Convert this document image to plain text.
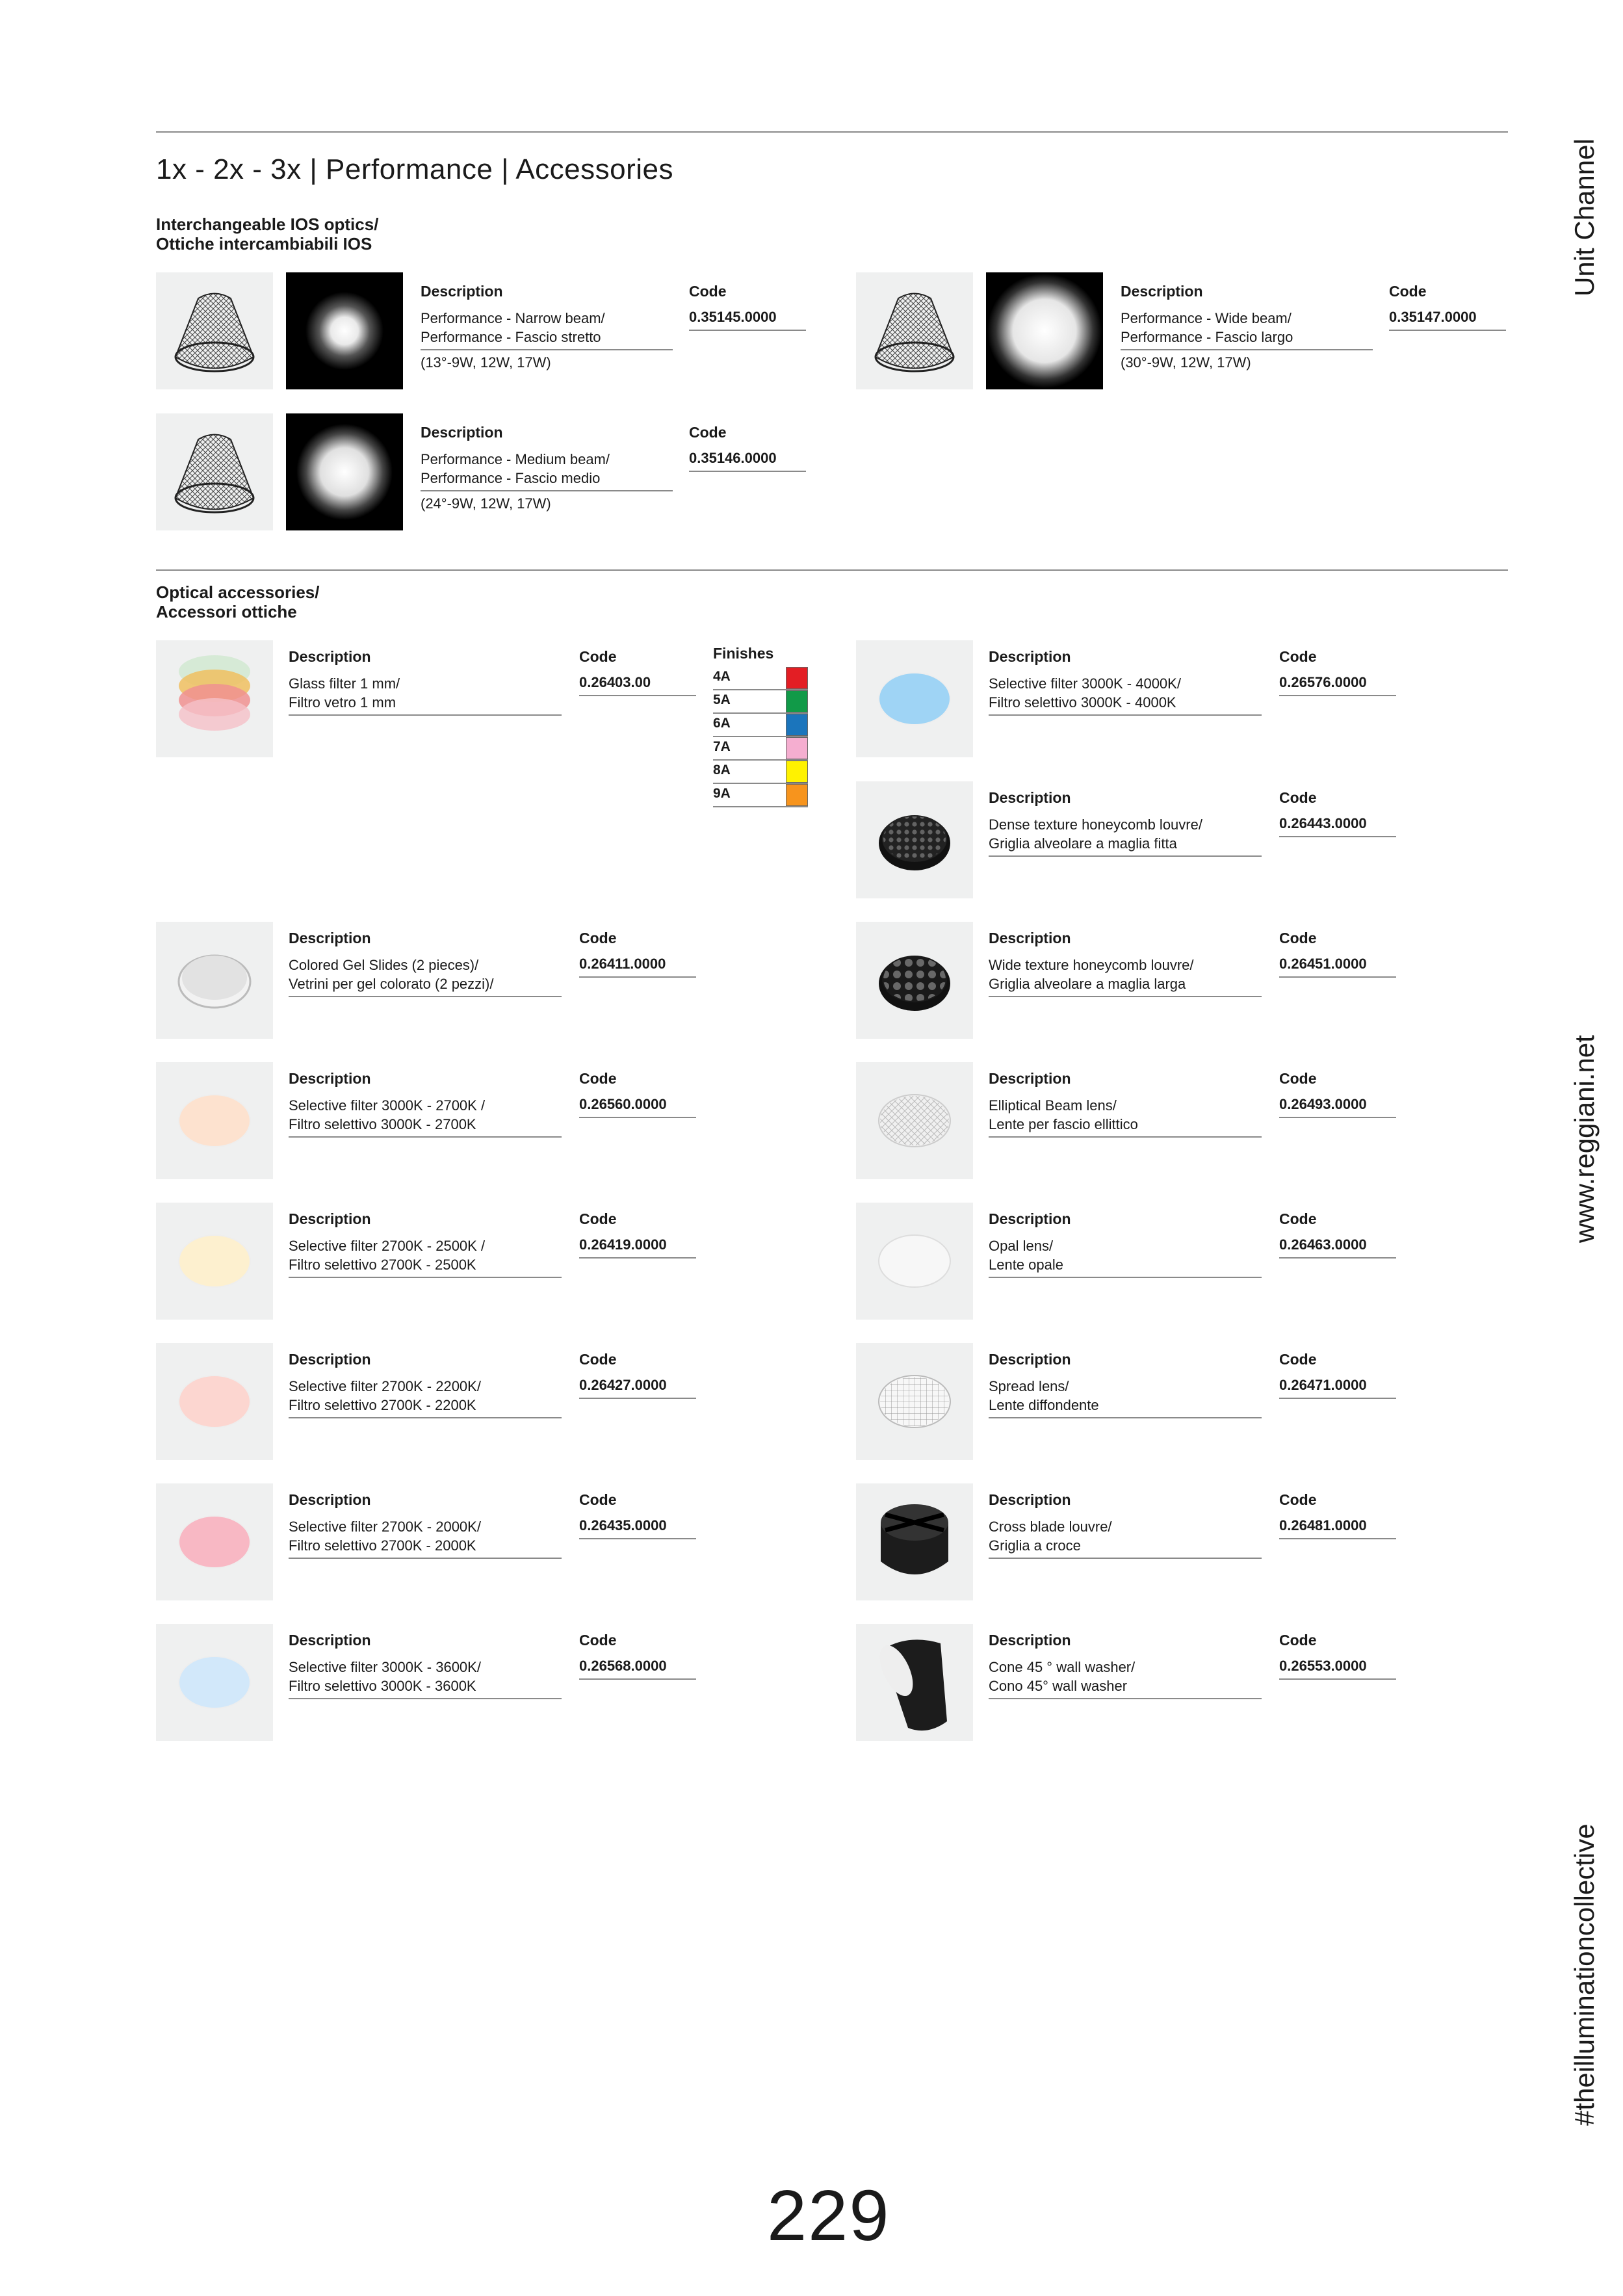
1x - 2x - 3x | Performance | Accessories	Unit Channel
www.reggiani.net
#theilluminationcollective
Interchangeable IOS optics/
Ottiche intercambiabili IOS
Description
Performance - Narrow beam/
Performance - Fascio stretto
(13°-9W, 12W, 17W)
Code
0.35145.0000
Description
Performance - Wide beam/
Performance - Fascio largo
(30°-9W, 12W, 17W)
Code
0.35147.0000
Description
Performance - Medium beam/
Performance - Fascio medio
(24°-9W, 12W, 17W)
Code
0.35146.0000
Optical accessories/
Accessori ottiche
Description
Glass filter 1 mm/
Filtro vetro 1 mm
Code
0.26403.00
Finishes
4A
5A
6A
7A
8A
9A
Description
Colored Gel Slides (2 pieces)/
Vetrini per gel colorato (2 pezzi)/
Code
0.26411.0000
Description
Selective filter 3000K - 2700K /
Filtro selettivo 3000K - 2700K
Code
0.26560.0000
Description
Selective filter 2700K - 2500K /
Filtro selettivo 2700K - 2500K
Code
0.26419.0000
Description
Selective filter 2700K - 2200K/
Filtro selettivo 2700K - 2200K
Code
0.26427.0000
Description
Selective filter 2700K - 2000K/
Filtro selettivo 2700K - 2000K
Code
0.26435.0000
Description
Selective filter 3000K - 3600K/
Filtro selettivo 3000K - 3600K
Code
0.26568.0000
Description
Selective filter 3000K - 4000K/
Filtro selettivo 3000K - 4000K
Code
0.26576.0000
Description
Dense texture honeycomb louvre/
Griglia alveolare a maglia fitta
Code
0.26443.0000
Description
Wide texture honeycomb louvre/
Griglia alveolare a maglia larga
Code
0.26451.0000
Description
Elliptical Beam lens/
Lente per fascio ellittico
Code
0.26493.0000
Description
Opal lens/
Lente opale
Code
0.26463.0000
Description
Spread lens/
Lente diffondente
Code
0.26471.0000
Description
Cross blade louvre/
Griglia a croce
Code
0.26481.0000
Description
Cone 45 ° wall washer/
Cono 45° wall washer
Code
0.26553.0000
229
